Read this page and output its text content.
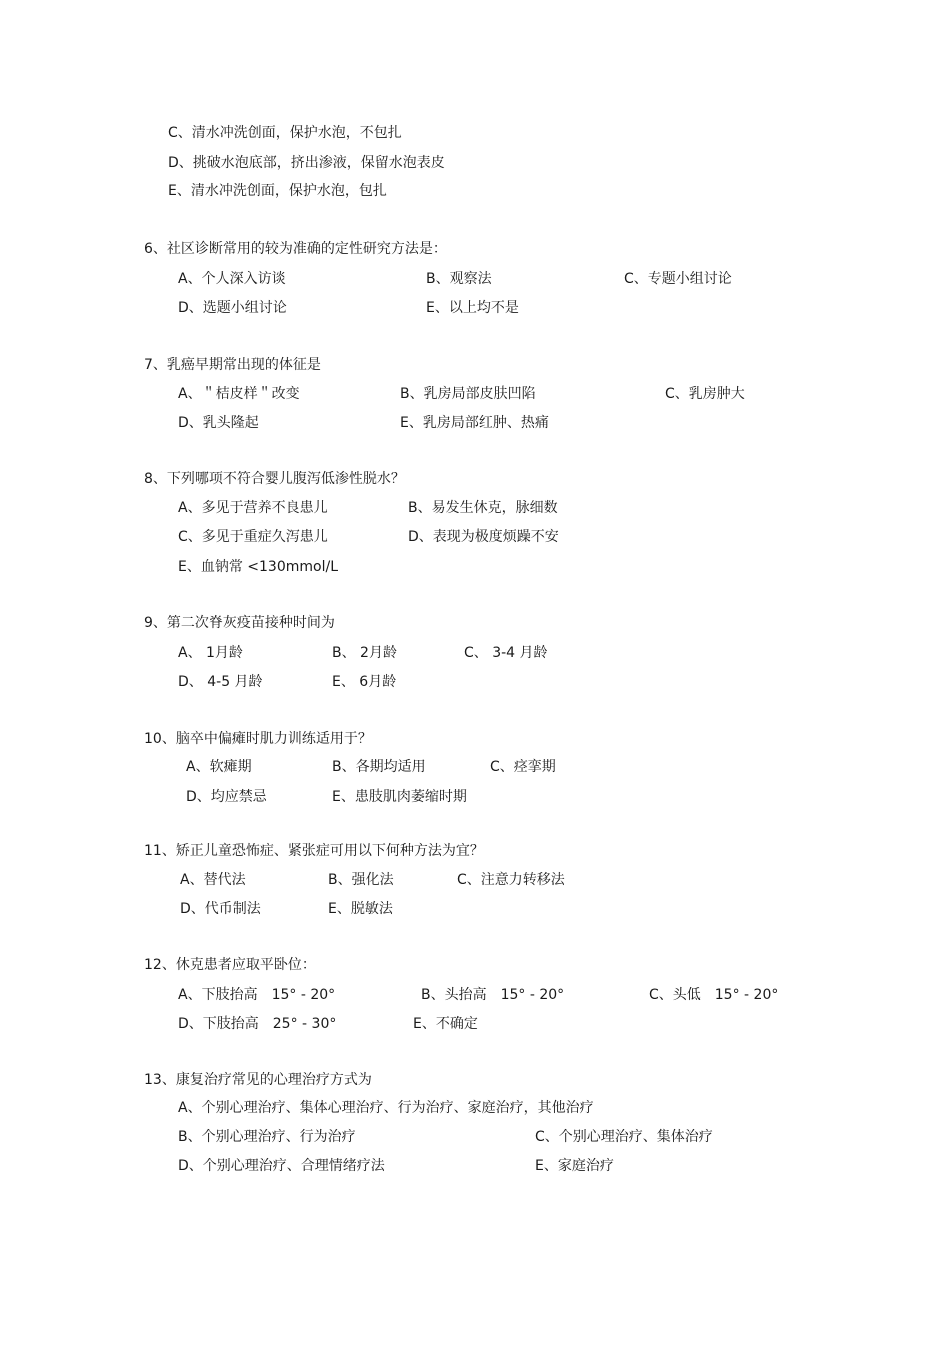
C、清水冲洗创面，保护水泡，不包扎
D、挑破水泡底部，挤出渗液，保留水泡表皮
E、清水冲洗创面，保护水泡，包扎
6、社区诊断常用的较为准确的定性研究方法是：
A、个人深入访谈	B、观察法	C、专题小组讨论
D、选题小组讨论	E、以上均不是
7、乳癌早期常出现的体征是
A、＂桔皮样＂改变	B、乳房局部皮肤凹陷	C、乳房肿大
D、乳头隆起	E、乳房局部红肿、热痛
8、下列哪项不符合婴儿腹泻低渗性脱水？
A、多见于营养不良患儿	B、易发生休克，脉细数
C、多见于重症久泻患儿	D、表现为极度烦躁不安
E、血钠常 <130mmol/L
9、第二次脊灰疫苗接种时间为
A、 1月龄	B、 2月龄	C、 3-4 月龄
D、 4-5 月龄	E、 6月龄
10、脑卒中偏瘫时肌力训练适用于？
A、软瘫期	B、各期均适用	C、痉挛期
D、均应禁忌	E、患肢肌肉萎缩时期
11、矫正儿童恐怖症、紧张症可用以下何种方法为宜？
A、替代法	B、强化法	C、注意力转移法
D、代币制法	E、脱敏法
12、休克患者应取平卧位：
A、下肢抬高　15° - 20°	B、头抬高　15° - 20°	C、头低　15° - 20°
D、下肢抬高　25° - 30°	E、不确定
13、康复治疗常见的心理治疗方式为
A、个别心理治疗、集体心理治疗、行为治疗、家庭治疗，其他治疗
B、个别心理治疗、行为治疗	C、个别心理治疗、集体治疗
D、个别心理治疗、合理情绪疗法	E、家庭治疗
